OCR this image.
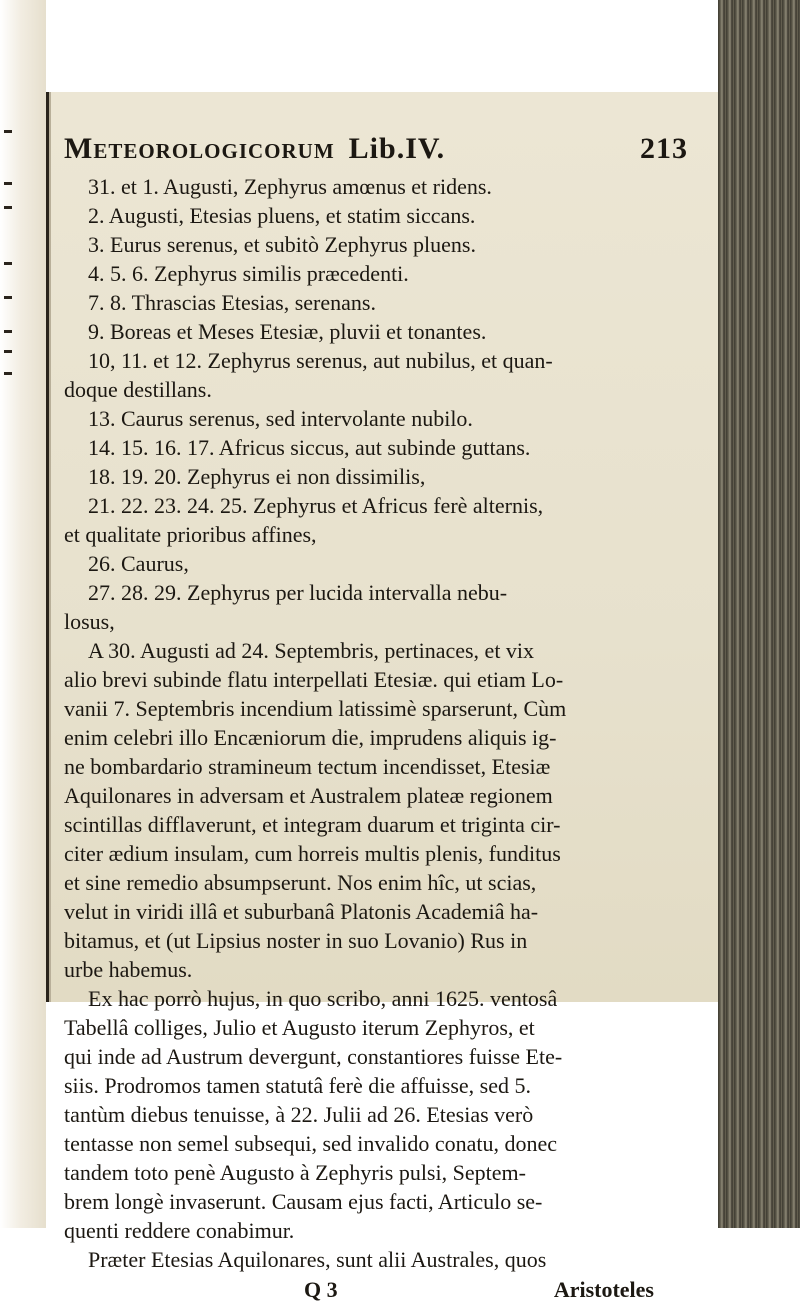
Meteorologicorum Lib.IV.	213
31. et 1. Augusti, Zephyrus amœnus et ridens.
2. Augusti, Etesias pluens, et statim siccans.
3. Eurus serenus, et subitò Zephyrus pluens.
4. 5. 6. Zephyrus similis præcedenti.
7. 8. Thrascias Etesias, serenans.
9. Boreas et Meses Etesiæ, pluvii et tonantes.
10, 11. et 12. Zephyrus serenus, aut nubilus, et quan-
doque destillans.
13. Caurus serenus, sed intervolante nubilo.
14. 15. 16. 17. Africus siccus, aut subinde guttans.
18. 19. 20. Zephyrus ei non dissimilis,
21. 22. 23. 24. 25. Zephyrus et Africus ferè alternis,
et qualitate prioribus affines,
26. Caurus,
27. 28. 29. Zephyrus per lucida intervalla nebu-
losus,
A 30. Augusti ad 24. Septembris, pertinaces, et vix
alio brevi subinde flatu interpellati Etesiæ. qui etiam Lo-
vanii 7. Septembris incendium latissimè sparserunt, Cùm
enim celebri illo Encæniorum die, imprudens aliquis ig-
ne bombardario stramineum tectum incendisset, Etesiæ
Aquilonares in adversam et Australem plateæ regionem
scintillas difflaverunt, et integram duarum et triginta cir-
citer ædium insulam, cum horreis multis plenis, funditus
et sine remedio absumpserunt. Nos enim hîc, ut scias,
velut in viridi illâ et suburbanâ Platonis Academiâ ha-
bitamus, et (ut Lipsius noster in suo Lovanio) Rus in
urbe habemus.
Ex hac porrò hujus, in quo scribo, anni 1625. ventosâ
Tabellâ colliges, Julio et Augusto iterum Zephyros, et
qui inde ad Austrum devergunt, constantiores fuisse Ete-
siis. Prodromos tamen statutâ ferè die affuisse, sed 5.
tantùm diebus tenuisse, à 22. Julii ad 26. Etesias verò
tentasse non semel subsequi, sed invalido conatu, donec
tandem toto penè Augusto à Zephyris pulsi, Septem-
brem longè invaserunt. Causam ejus facti, Articulo se-
quenti reddere conabimur.
Præter Etesias Aquilonares, sunt alii Australes, quos
Q 3	Aristoteles
